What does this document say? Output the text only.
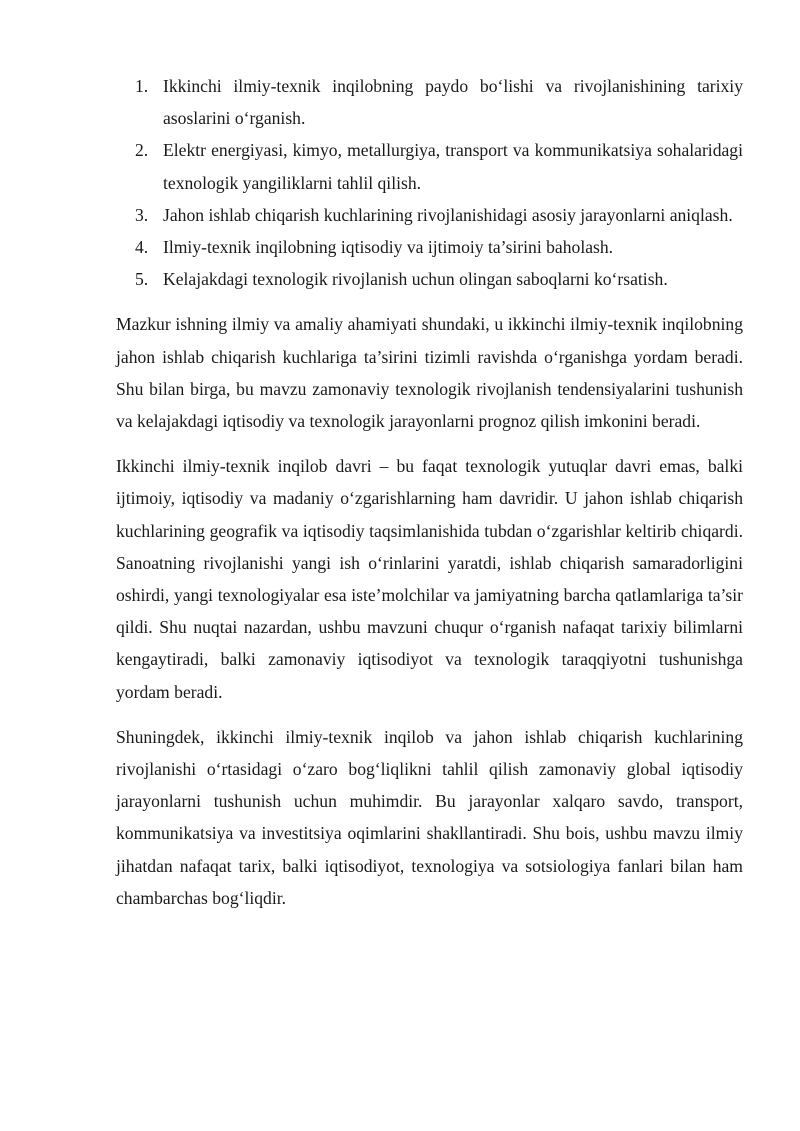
1. Ikkinchi ilmiy-texnik inqilobning paydo bo‘lishi va rivojlanishining tarixiy asoslarini o‘rganish.
2. Elektr energiyasi, kimyo, metallurgiya, transport va kommunikatsiya sohalaridagi texnologik yangiliklarni tahlil qilish.
3. Jahon ishlab chiqarish kuchlarining rivojlanishidagi asosiy jarayonlarni aniqlash.
4. Ilmiy-texnik inqilobning iqtisodiy va ijtimoiy ta’sirini baholash.
5. Kelajakdagi texnologik rivojlanish uchun olingan saboqlarni ko‘rsatish.

Mazkur ishning ilmiy va amaliy ahamiyati shundaki, u ikkinchi ilmiy-texnik inqilobning jahon ishlab chiqarish kuchlariga ta’sirini tizimli ravishda o‘rganishga yordam beradi. Shu bilan birga, bu mavzu zamonaviy texnologik rivojlanish tendensiyalarini tushunish va kelajakdagi iqtisodiy va texnologik jarayonlarni prognoz qilish imkonini beradi.

Ikkinchi ilmiy-texnik inqilob davri – bu faqat texnologik yutuqlar davri emas, balki ijtimoiy, iqtisodiy va madaniy o‘zgarishlarning ham davridir. U jahon ishlab chiqarish kuchlarining geografik va iqtisodiy taqsimlanishida tubdan o‘zgarishlar keltirib chiqardi. Sanoatning rivojlanishi yangi ish o‘rinlarini yaratdi, ishlab chiqarish samaradorligini oshirdi, yangi texnologiyalar esa iste’molchilar va jamiyatning barcha qatlamlariga ta’sir qildi. Shu nuqtai nazardan, ushbu mavzuni chuqur o‘rganish nafaqat tarixiy bilimlarni kengaytiradi, balki zamonaviy iqtisodiyot va texnologik taraqqiyotni tushunishga yordam beradi.

Shuningdek, ikkinchi ilmiy-texnik inqilob va jahon ishlab chiqarish kuchlarining rivojlanishi o‘rtasidagi o‘zaro bog‘liqlikni tahlil qilish zamonaviy global iqtisodiy jarayonlarni tushunish uchun muhimdir. Bu jarayonlar xalqaro savdo, transport, kommunikatsiya va investitsiya oqimlarini shakllantiradi. Shu bois, ushbu mavzu ilmiy jihatdan nafaqat tarix, balki iqtisodiyot, texnologiya va sotsiologiya fanlari bilan ham chambarchas bog‘liqdir.
